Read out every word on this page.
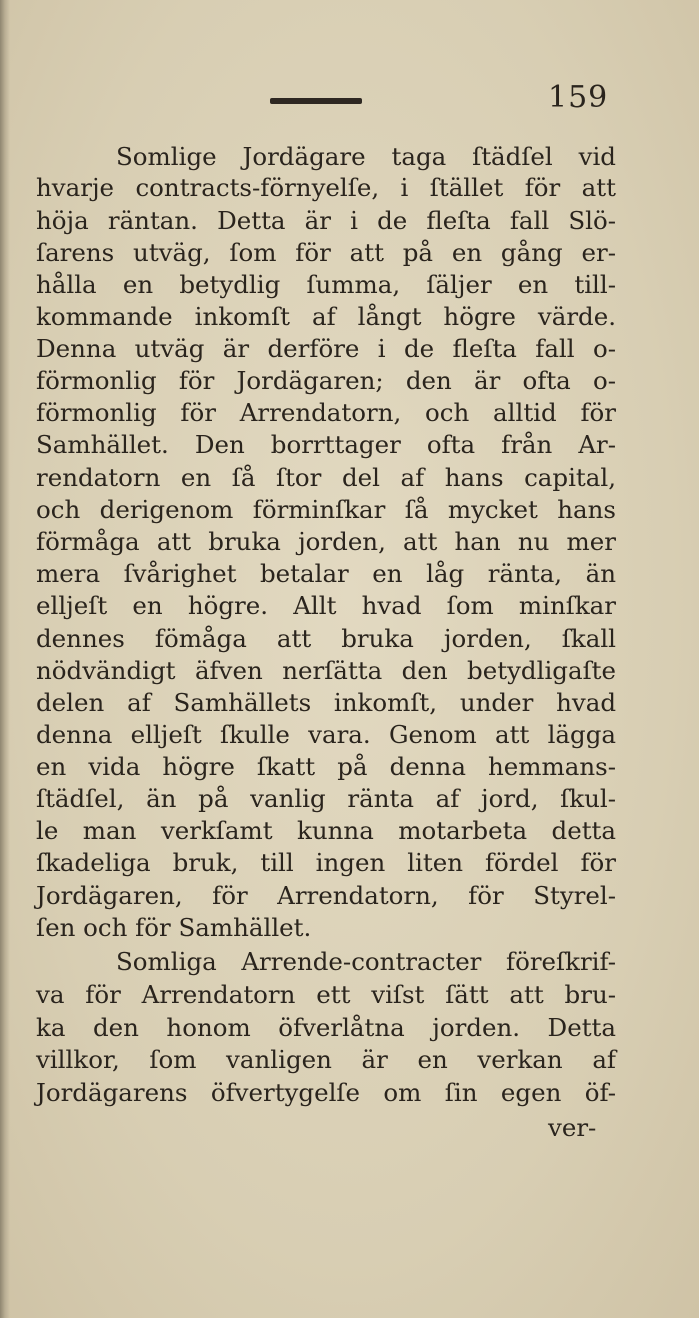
159
Somlige Jordägare taga ſtädſel vid
hvarje contracts-förnyelſe, i ſtället för att
höja räntan. Detta är i de fleſta fall Slö-
ſarens utväg, ſom för att på en gång er-
hålla en betydlig ſumma, ſäljer en till-
kommande inkomſt af långt högre värde.
Denna utväg är derföre i de fleſta fall o-
förmonlig för Jordägaren; den är ofta o-
förmonlig för Arrendatorn, och alltid för
Samhället. Den borrttager ofta från Ar-
rendatorn en ſå ſtor del af hans capital,
och derigenom förminſkar ſå mycket hans
förmåga att bruka jorden, att han nu mer
mera ſvårighet betalar en låg ränta, än
elljeſt en högre. Allt hvad ſom minſkar
dennes fömåga att bruka jorden, ſkall
nödvändigt äfven nerſätta den betydligaſte
delen af Samhällets inkomſt, under hvad
denna elljeſt ſkulle vara. Genom att lägga
en vida högre ſkatt på denna hemmans-
ſtädſel, än på vanlig ränta af jord, ſkul-
le man verkſamt kunna motarbeta detta
ſkadeliga bruk, till ingen liten fördel för
Jordägaren, för Arrendatorn, för Styrel-
ſen och för Samhället.
Somliga Arrende-contracter föreſkrif-
va för Arrendatorn ett viſst ſätt att bru-
ka den honom öfverlåtna jorden. Detta
villkor, ſom vanligen är en verkan af
Jordägarens öfvertygelſe om ſin egen öf-
ver-
